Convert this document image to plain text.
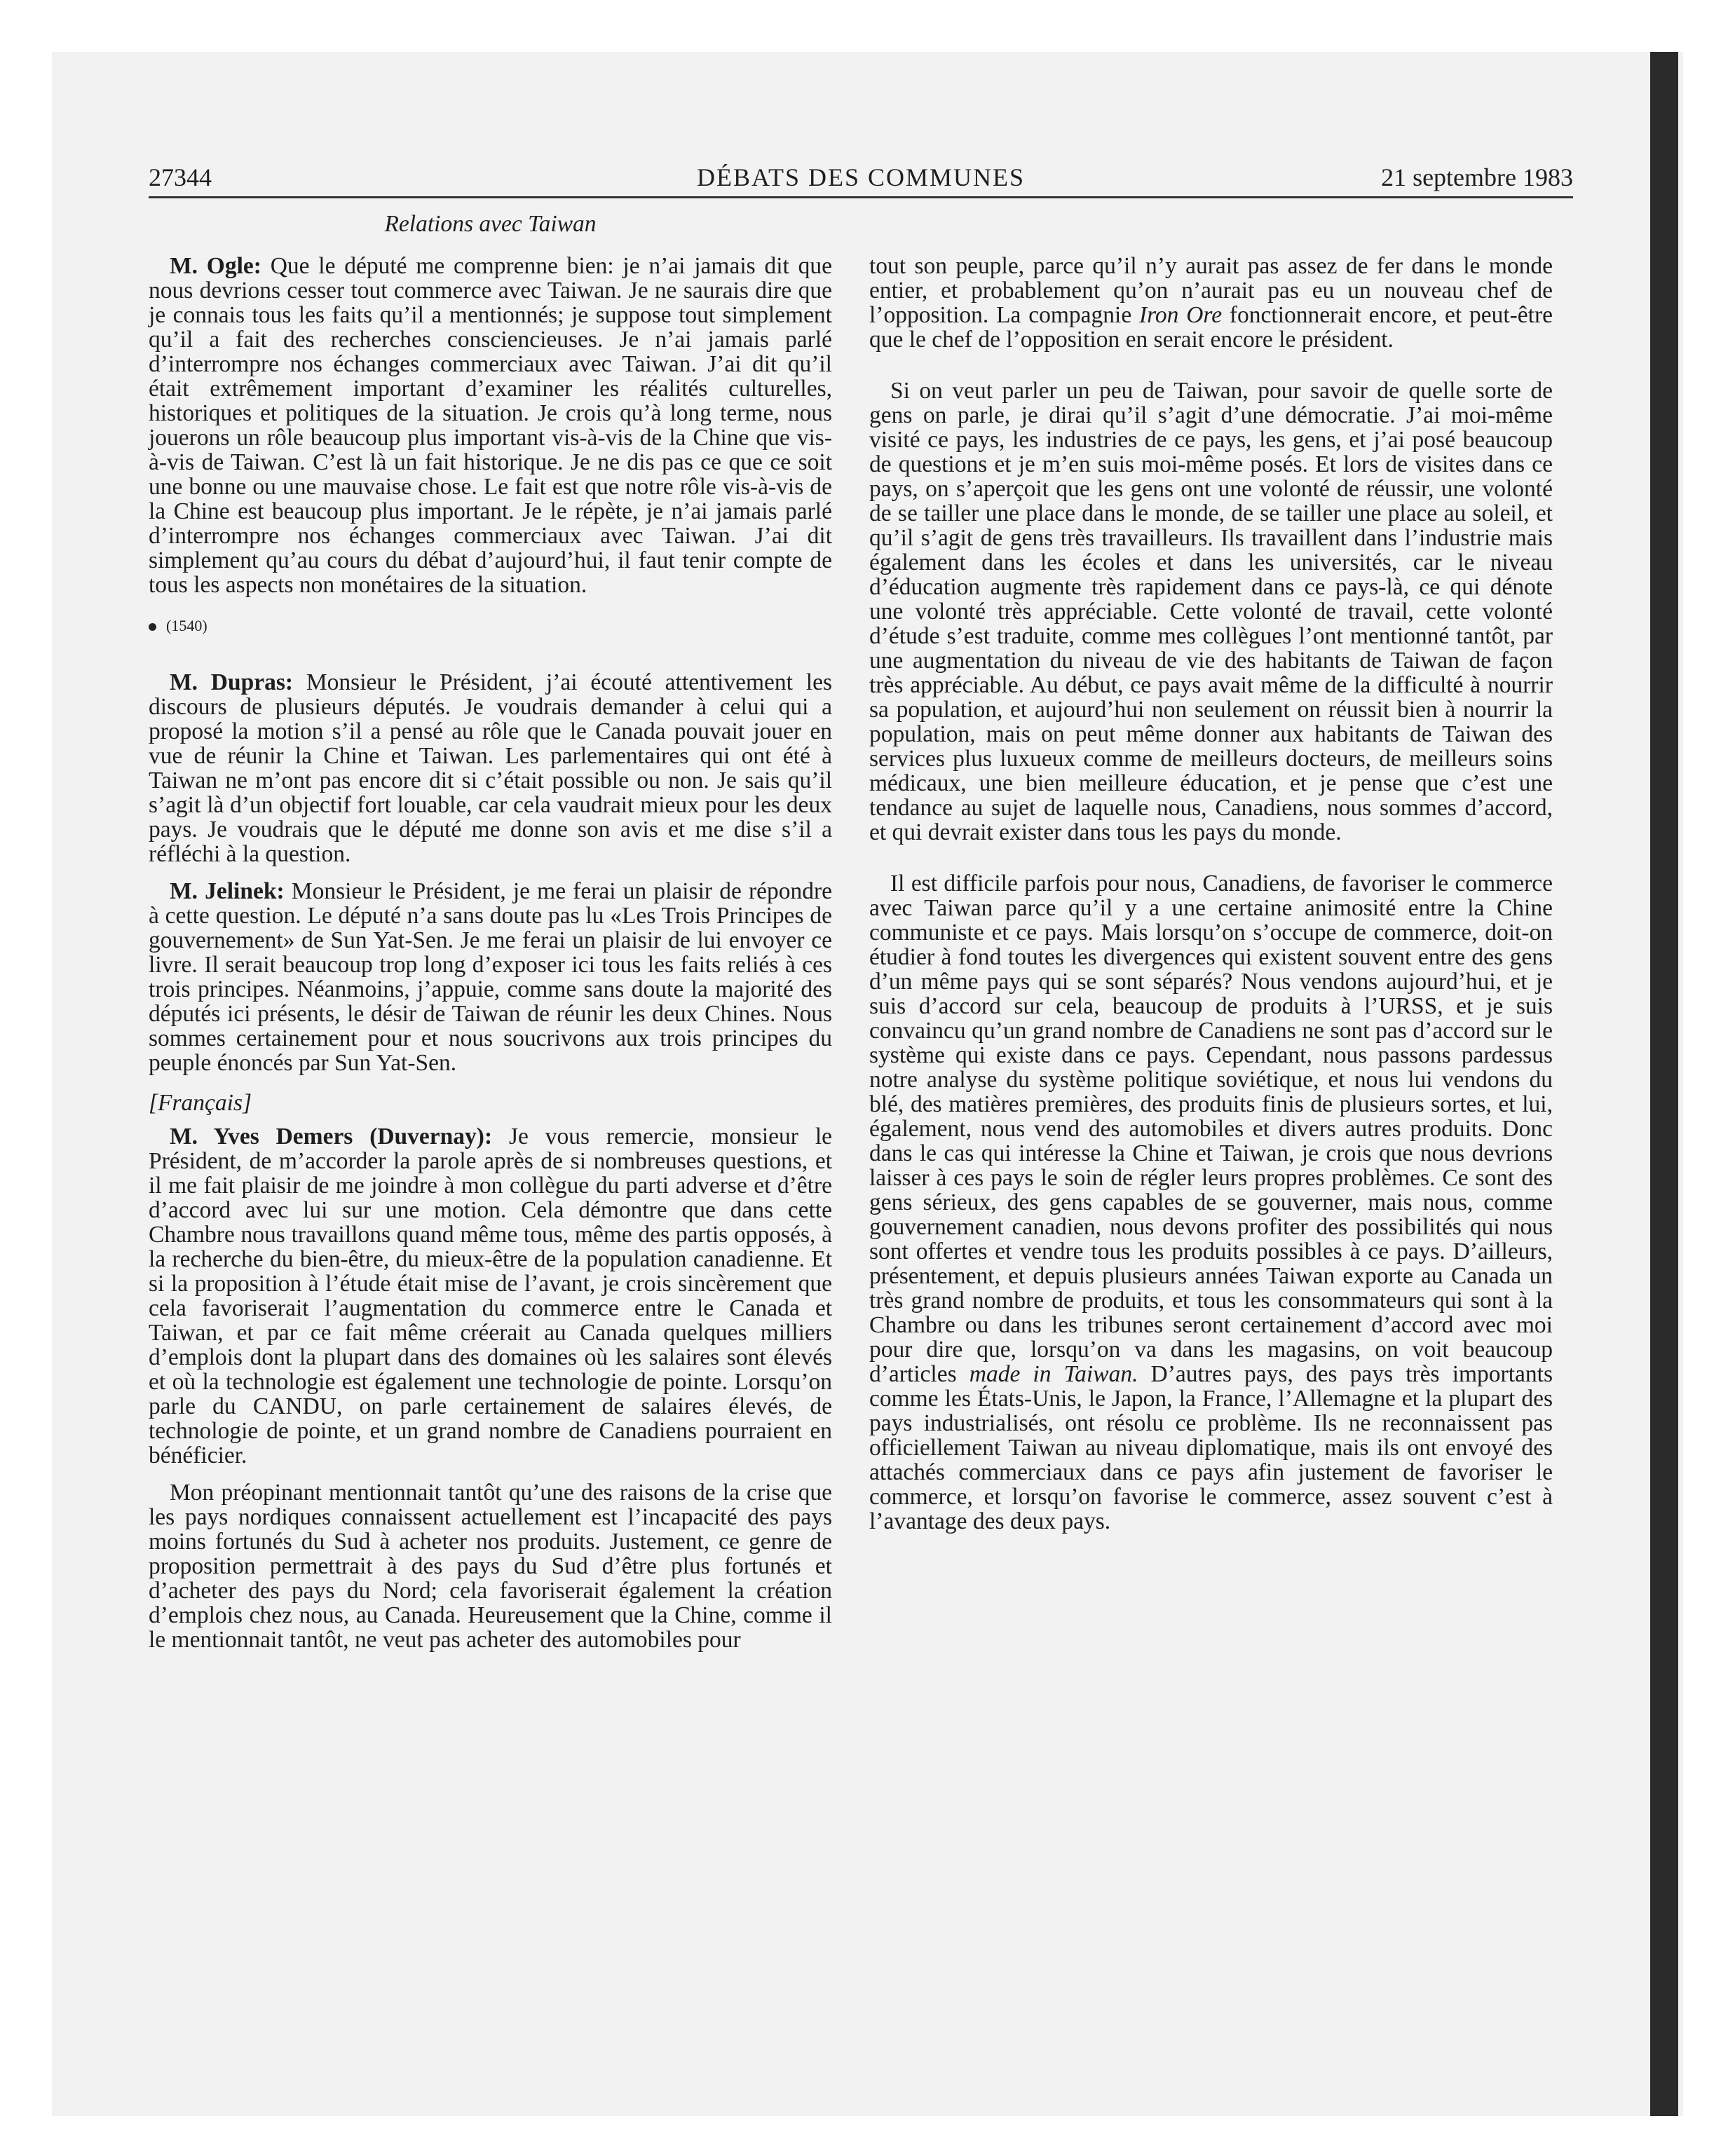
27344	DÉBATS DES COMMUNES	21 septembre 1983

Relations avec Taiwan

M. Ogle: Que le député me comprenne bien: je n’ai jamais dit que nous devrions cesser tout commerce avec Taiwan. Je ne saurais dire que je connais tous les faits qu’il a mentionnés; je suppose tout simplement qu’il a fait des recherches consciencieuses. Je n’ai jamais parlé d’interrompre nos échanges commerciaux avec Taiwan. J’ai dit qu’il était extrêmement important d’examiner les réalités culturelles, historiques et politiques de la situation. Je crois qu’à long terme, nous jouerons un rôle beaucoup plus important vis-à-vis de la Chine que vis-à-vis de Taiwan. C’est là un fait historique. Je ne dis pas ce que ce soit une bonne ou une mauvaise chose. Le fait est que notre rôle vis-à-vis de la Chine est beaucoup plus important. Je le répète, je n’ai jamais parlé d’interrompre nos échanges commerciaux avec Taiwan. J’ai dit simplement qu’au cours du débat d’aujourd’hui, il faut tenir compte de tous les aspects non monétaires de la situation.

(1540)

M. Dupras: Monsieur le Président, j’ai écouté attentivement les discours de plusieurs députés. Je voudrais demander à celui qui a proposé la motion s’il a pensé au rôle que le Canada pouvait jouer en vue de réunir la Chine et Taiwan. Les parlementaires qui ont été à Taiwan ne m’ont pas encore dit si c’était possible ou non. Je sais qu’il s’agit là d’un objectif fort louable, car cela vaudrait mieux pour les deux pays. Je voudrais que le député me donne son avis et me dise s’il a réfléchi à la question.

M. Jelinek: Monsieur le Président, je me ferai un plaisir de répondre à cette question. Le député n’a sans doute pas lu «Les Trois Principes de gouvernement» de Sun Yat-Sen. Je me ferai un plaisir de lui envoyer ce livre. Il serait beaucoup trop long d’exposer ici tous les faits reliés à ces trois principes. Néanmoins, j’appuie, comme sans doute la majorité des députés ici présents, le désir de Taiwan de réunir les deux Chines. Nous sommes certainement pour et nous soucrivons aux trois principes du peuple énoncés par Sun Yat-Sen.

[Français]

M. Yves Demers (Duvernay): Je vous remercie, monsieur le Président, de m’accorder la parole après de si nombreuses questions, et il me fait plaisir de me joindre à mon collègue du parti adverse et d’être d’accord avec lui sur une motion. Cela démontre que dans cette Chambre nous travaillons quand même tous, même des partis opposés, à la recherche du bien-être, du mieux-être de la population canadienne. Et si la proposition à l’étude était mise de l’avant, je crois sincèrement que cela favoriserait l’augmentation du commerce entre le Canada et Taiwan, et par ce fait même créerait au Canada quelques milliers d’emplois dont la plupart dans des domaines où les salaires sont élevés et où la technologie est également une technologie de pointe. Lorsqu’on parle du CANDU, on parle certainement de salaires élevés, de technologie de pointe, et un grand nombre de Canadiens pourraient en bénéficier.

Mon préopinant mentionnait tantôt qu’une des raisons de la crise que les pays nordiques connaissent actuellement est l’incapacité des pays moins fortunés du Sud à acheter nos produits. Justement, ce genre de proposition permettrait à des pays du Sud d’être plus fortunés et d’acheter des pays du Nord; cela favoriserait également la création d’emplois chez nous, au Canada. Heureusement que la Chine, comme il le mentionnait tantôt, ne veut pas acheter des automobiles pour

tout son peuple, parce qu’il n’y aurait pas assez de fer dans le monde entier, et probablement qu’on n’aurait pas eu un nouveau chef de l’opposition. La compagnie Iron Ore fonctionnerait encore, et peut-être que le chef de l’opposition en serait encore le président.

Si on veut parler un peu de Taiwan, pour savoir de quelle sorte de gens on parle, je dirai qu’il s’agit d’une démocratie. J’ai moi-même visité ce pays, les industries de ce pays, les gens, et j’ai posé beaucoup de questions et je m’en suis moi-même posés. Et lors de visites dans ce pays, on s’aperçoit que les gens ont une volonté de réussir, une volonté de se tailler une place dans le monde, de se tailler une place au soleil, et qu’il s’agit de gens très travailleurs. Ils travaillent dans l’industrie mais également dans les écoles et dans les universités, car le niveau d’éducation augmente très rapidement dans ce pays-là, ce qui dénote une volonté très appréciable. Cette volonté de travail, cette volonté d’étude s’est traduite, comme mes collègues l’ont mentionné tantôt, par une augmentation du niveau de vie des habitants de Taiwan de façon très appréciable. Au début, ce pays avait même de la difficulté à nourrir sa population, et aujourd’hui non seulement on réussit bien à nourrir la population, mais on peut même donner aux habitants de Taiwan des services plus luxueux comme de meilleurs docteurs, de meilleurs soins médicaux, une bien meilleure éducation, et je pense que c’est une tendance au sujet de laquelle nous, Canadiens, nous sommes d’accord, et qui devrait exister dans tous les pays du monde.

Il est difficile parfois pour nous, Canadiens, de favoriser le commerce avec Taiwan parce qu’il y a une certaine animosité entre la Chine communiste et ce pays. Mais lorsqu’on s’occupe de commerce, doit-on étudier à fond toutes les divergences qui existent souvent entre des gens d’un même pays qui se sont séparés? Nous vendons aujourd’hui, et je suis d’accord sur cela, beaucoup de produits à l’URSS, et je suis convaincu qu’un grand nombre de Canadiens ne sont pas d’accord sur le système qui existe dans ce pays. Cependant, nous passons pardessus notre analyse du système politique soviétique, et nous lui vendons du blé, des matières premières, des produits finis de plusieurs sortes, et lui, également, nous vend des automobiles et divers autres produits. Donc dans le cas qui intéresse la Chine et Taiwan, je crois que nous devrions laisser à ces pays le soin de régler leurs propres problèmes. Ce sont des gens sérieux, des gens capables de se gouverner, mais nous, comme gouvernement canadien, nous devons profiter des possibilités qui nous sont offertes et vendre tous les produits possibles à ce pays. D’ailleurs, présentement, et depuis plusieurs années Taiwan exporte au Canada un très grand nombre de produits, et tous les consommateurs qui sont à la Chambre ou dans les tribunes seront certainement d’accord avec moi pour dire que, lorsqu’on va dans les magasins, on voit beaucoup d’articles made in Taiwan. D’autres pays, des pays très importants comme les États-Unis, le Japon, la France, l’Allemagne et la plupart des pays industrialisés, ont résolu ce problème. Ils ne reconnaissent pas officiellement Taiwan au niveau diplomatique, mais ils ont envoyé des attachés commerciaux dans ce pays afin justement de favoriser le commerce, et lorsqu’on favorise le commerce, assez souvent c’est à l’avantage des deux pays.
